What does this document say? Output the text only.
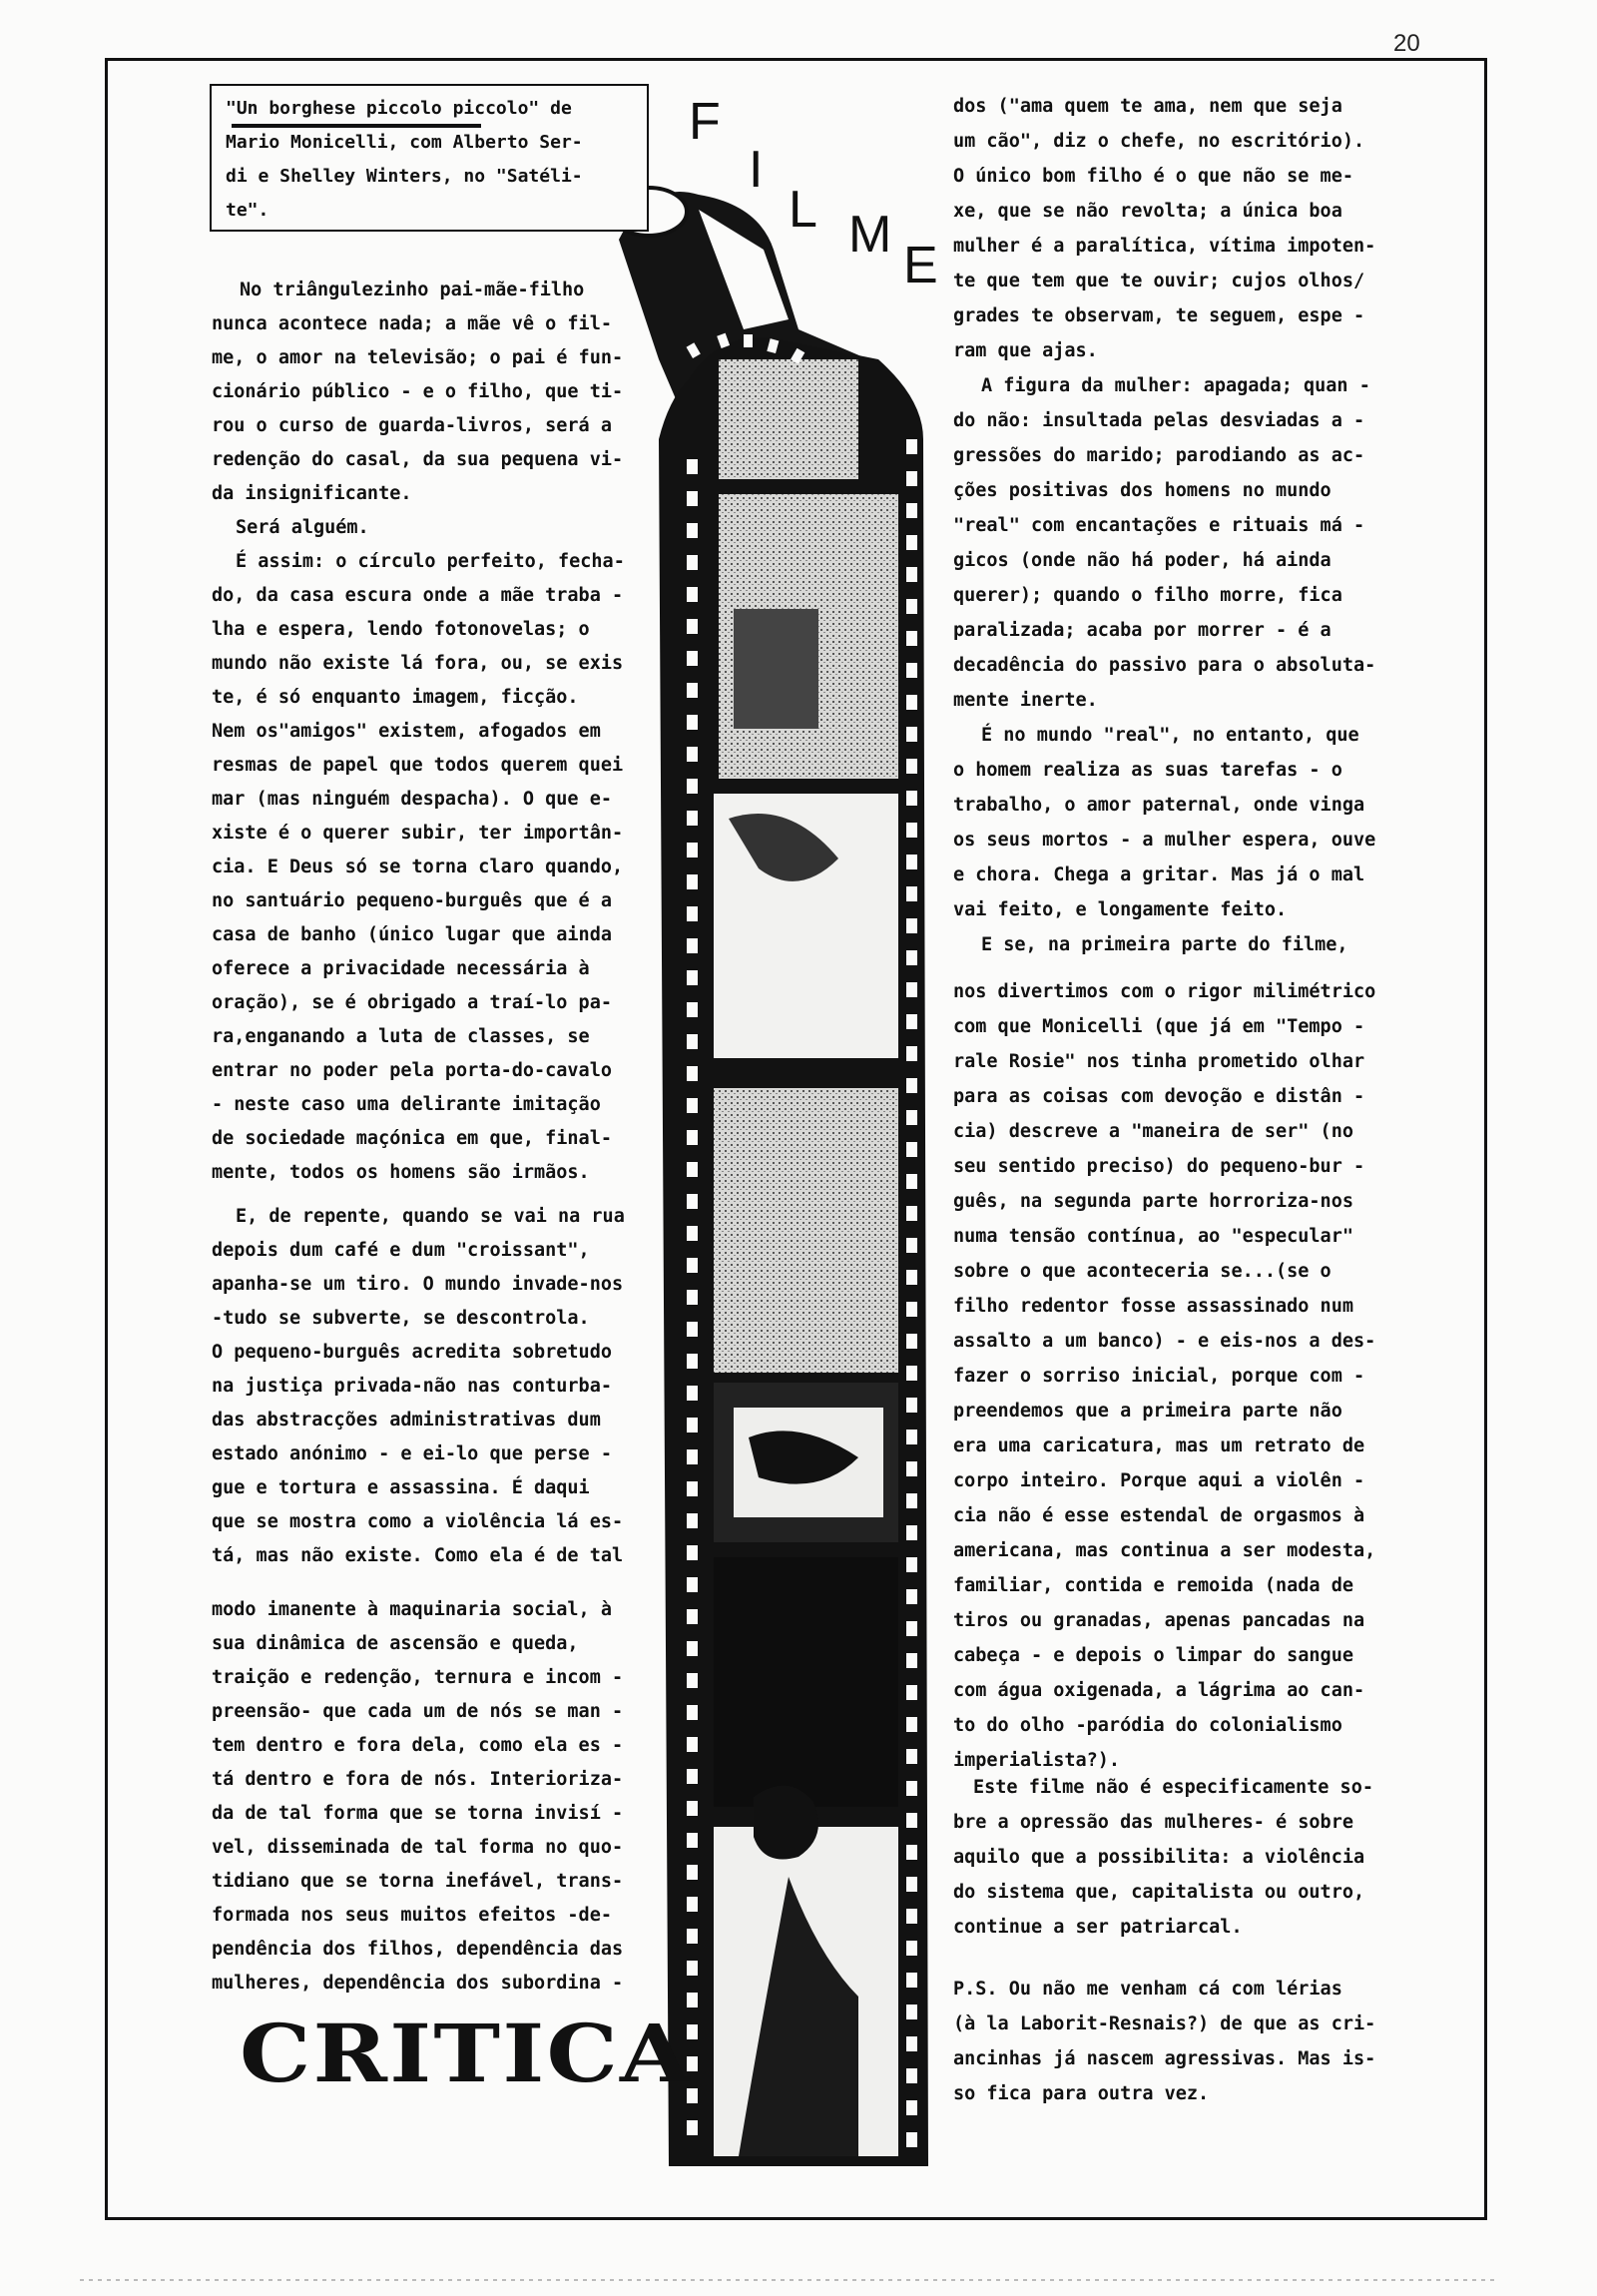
20
"Un borghese piccolo piccolo" de
Mario Monicelli, com Alberto Ser-
di e Shelley Winters, no "Satéli-
te".
F
I
L M
E
No triângulezinho pai-mãe-filho
nunca acontece nada; a mãe vê o fil-
me, o amor na televisão; o pai é fun-
cionário público - e o filho, que ti-
rou o curso de guarda-livros, será a
redenção do casal, da sua pequena vi-
da insignificante.
Será alguém.
É assim: o círculo perfeito, fecha-
do, da casa escura onde a mãe traba -
lha e espera, lendo fotonovelas; o
mundo não existe lá fora, ou, se exis
te, é só enquanto imagem, ficção.
Nem os"amigos" existem, afogados em
resmas de papel que todos querem quei
mar (mas ninguém despacha). O que e-
xiste é o querer subir, ter importân-
cia. E Deus só se torna claro quando,
no santuário pequeno-burguês que é a
casa de banho (único lugar que ainda
oferece a privacidade necessária à
oração), se é obrigado a traí-lo pa-
ra,enganando a luta de classes, se
entrar no poder pela porta-do-cavalo
- neste caso uma delirante imitação
de sociedade maçónica em que, final-
mente, todos os homens são irmãos.
E, de repente, quando se vai na rua
depois dum café e dum "croissant",
apanha-se um tiro. O mundo invade-nos
-tudo se subverte, se descontrola.
O pequeno-burguês acredita sobretudo
na justiça privada-não nas conturba-
das abstracções administrativas dum
estado anónimo - e ei-lo que perse -
gue e tortura e assassina. É daqui
que se mostra como a violência lá es-
tá, mas não existe. Como ela é de tal
modo imanente à maquinaria social, à
sua dinâmica de ascensão e queda,
traição e redenção, ternura e incom -
preensão- que cada um de nós se man -
tem dentro e fora dela, como ela es -
tá dentro e fora de nós. Interioriza-
da de tal forma que se torna invisí -
vel, disseminada de tal forma no quo-
tidiano que se torna inefável, trans-
formada nos seus muitos efeitos -de-
pendência dos filhos, dependência das
mulheres, dependência dos subordina -
CRITICA
dos ("ama quem te ama, nem que seja
um cão", diz o chefe, no escritório).
O único bom filho é o que não se me-
xe, que se não revolta; a única boa
mulher é a paralítica, vítima impoten-
te que tem que te ouvir; cujos olhos/
grades te observam, te seguem, espe -
ram que ajas.
A figura da mulher: apagada; quan -
do não: insultada pelas desviadas a -
gressões do marido; parodiando as ac-
ções positivas dos homens no mundo
"real" com encantações e rituais má -
gicos (onde não há poder, há ainda
querer); quando o filho morre, fica
paralizada; acaba por morrer - é a
decadência do passivo para o absoluta-
mente inerte.
É no mundo "real", no entanto, que
o homem realiza as suas tarefas - o
trabalho, o amor paternal, onde vinga
os seus mortos - a mulher espera, ouve
e chora. Chega a gritar. Mas já o mal
vai feito, e longamente feito.
E se, na primeira parte do filme,
nos divertimos com o rigor milimétrico
com que Monicelli (que já em "Tempo -
rale Rosie" nos tinha prometido olhar
para as coisas com devoção e distân -
cia) descreve a "maneira de ser" (no
seu sentido preciso) do pequeno-bur -
guês, na segunda parte horroriza-nos
numa tensão contínua, ao "especular"
sobre o que aconteceria se...(se o
filho redentor fosse assassinado num
assalto a um banco) - e eis-nos a des-
fazer o sorriso inicial, porque com -
preendemos que a primeira parte não
era uma caricatura, mas um retrato de
corpo inteiro. Porque aqui a violên -
cia não é esse estendal de orgasmos à
americana, mas continua a ser modesta,
familiar, contida e remoida (nada de
tiros ou granadas, apenas pancadas na
cabeça - e depois o limpar do sangue
com água oxigenada, a lágrima ao can-
to do olho -paródia do colonialismo
imperialista?).
Este filme não é especificamente so-
bre a opressão das mulheres- é sobre
aquilo que a possibilita: a violência
do sistema que, capitalista ou outro,
continue a ser patriarcal.
P.S. Ou não me venham cá com lérias
(à la Laborit-Resnais?) de que as cri-
ancinhas já nascem agressivas. Mas is-
so fica para outra vez.
